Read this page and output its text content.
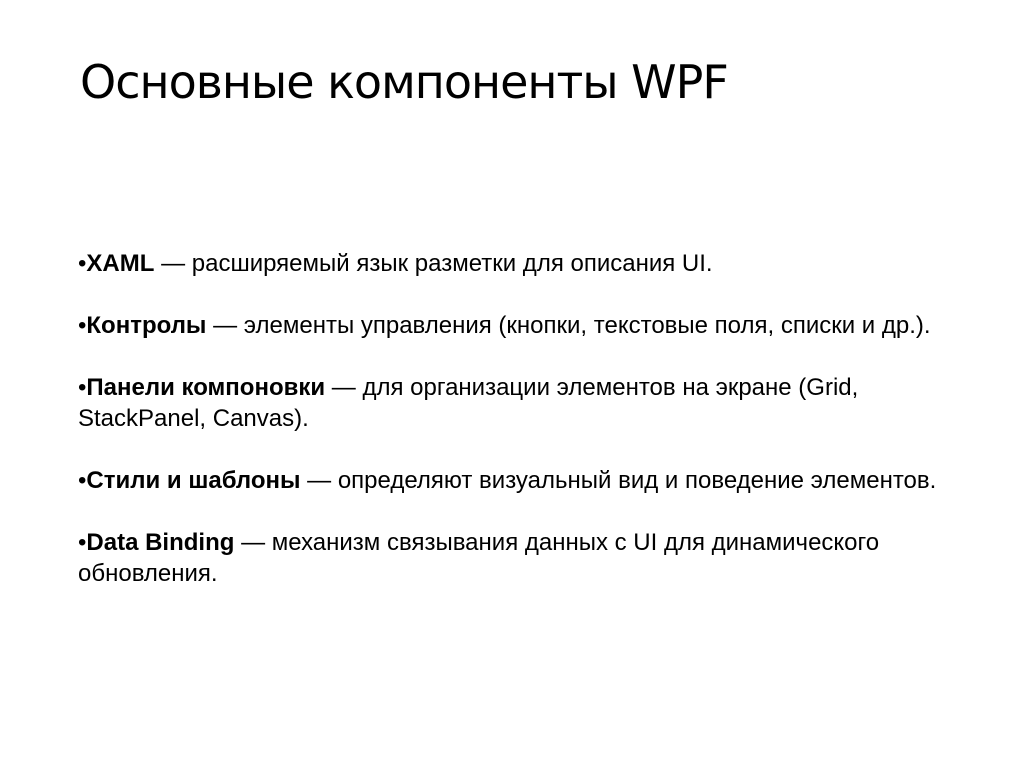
Основные компоненты WPF

•XAML — расширяемый язык разметки для описания UI.

•Контролы — элементы управления (кнопки, текстовые поля, списки и др.).

•Панели компоновки — для организации элементов на экране (Grid, StackPanel, Canvas).

•Стили и шаблоны — определяют визуальный вид и поведение элементов.

•Data Binding — механизм связывания данных с UI для динамического обновления.
